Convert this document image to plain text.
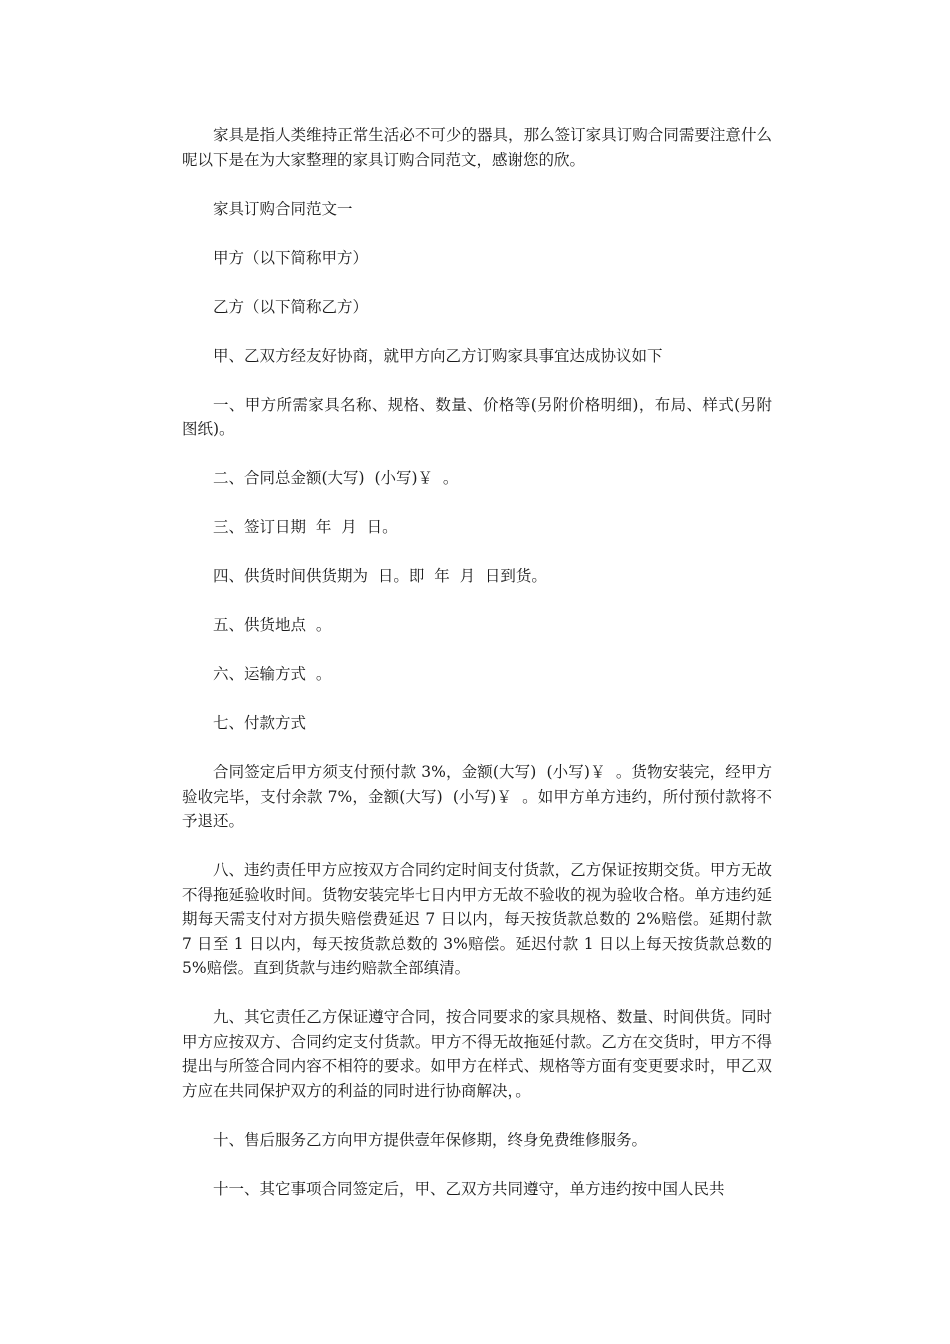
家具是指人类维持正常生活必不可少的器具，那么签订家具订购合同需要注意什么呢以下是在为大家整理的家具订购合同范文，感谢您的欣。

家具订购合同范文一

甲方（以下简称甲方）

乙方（以下简称乙方）

甲、乙双方经友好协商，就甲方向乙方订购家具事宜达成协议如下

一、甲方所需家具名称、规格、数量、价格等(另附价格明细)，布局、样式(另附图纸)。

二、合同总金额(大写)  (小写)￥  。

三、签订日期  年  月  日。

四、供货时间供货期为  日。即  年  月  日到货。

五、供货地点  。

六、运输方式  。

七、付款方式

合同签定后甲方须支付预付款 3%，金额(大写)  (小写)￥  。货物安装完，经甲方验收完毕，支付余款 7%，金额(大写)  (小写)￥  。如甲方单方违约，所付预付款将不予退还。

八、违约责任甲方应按双方合同约定时间支付货款，乙方保证按期交货。甲方无故不得拖延验收时间。货物安装完毕七日内甲方无故不验收的视为验收合格。单方违约延期每天需支付对方损失赔偿费延迟 7 日以内，每天按货款总数的 2%赔偿。延期付款 7 日至 1 日以内，每天按货款总数的 3%赔偿。延迟付款 1 日以上每天按货款总数的 5%赔偿。直到货款与违约赔款全部缜清。

九、其它责任乙方保证遵守合同，按合同要求的家具规格、数量、时间供货。同时甲方应按双方、合同约定支付货款。甲方不得无故拖延付款。乙方在交货时，甲方不得提出与所签合同内容不相符的要求。如甲方在样式、规格等方面有变更要求时，甲乙双方应在共同保护双方的利益的同时进行协商解决，。

十、售后服务乙方向甲方提供壹年保修期，终身免费维修服务。

十一、其它事项合同签定后，甲、乙双方共同遵守，单方违约按中国人民共
